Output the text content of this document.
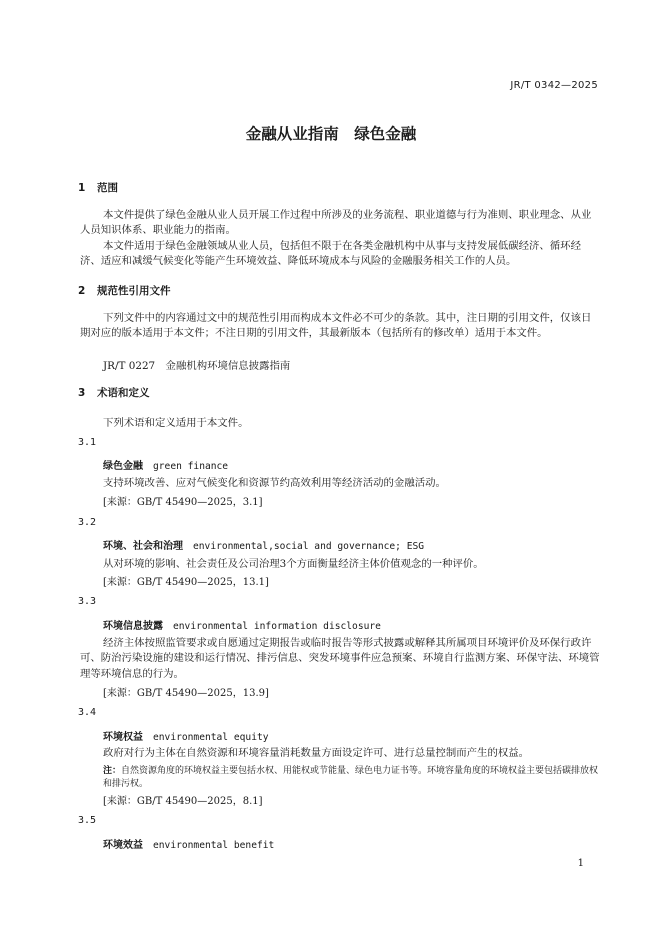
JR/T 0342—2025
金融从业指南　绿色金融
1 范围
本文件提供了绿色金融从业人员开展工作过程中所涉及的业务流程、职业道德与行为准则、职业理念、从业人员知识体系、职业能力的指南。
本文件适用于绿色金融领域从业人员，包括但不限于在各类金融机构中从事与支持发展低碳经济、循环经济、适应和减缓气候变化等能产生环境效益、降低环境成本与风险的金融服务相关工作的人员。
2 规范性引用文件
下列文件中的内容通过文中的规范性引用而构成本文件必不可少的条款。其中，注日期的引用文件，仅该日期对应的版本适用于本文件；不注日期的引用文件，其最新版本（包括所有的修改单）适用于本文件。
JR/T 0227　金融机构环境信息披露指南
3 术语和定义
下列术语和定义适用于本文件。
3.1
绿色金融 green finance
支持环境改善、应对气候变化和资源节约高效利用等经济活动的金融活动。
[来源：GB/T 45490—2025，3.1]
3.2
环境、社会和治理 environmental,social and governance; ESG
从对环境的影响、社会责任及公司治理3个方面衡量经济主体价值观念的一种评价。
[来源：GB/T 45490—2025，13.1]
3.3
环境信息披露 environmental information disclosure
经济主体按照监管要求或自愿通过定期报告或临时报告等形式披露或解释其所属项目环境评价及环保行政许可、防治污染设施的建设和运行情况、排污信息、突发环境事件应急预案、环境自行监测方案、环保守法、环境管理等环境信息的行为。
[来源：GB/T 45490—2025，13.9]
3.4
环境权益 environmental equity
政府对行为主体在自然资源和环境容量消耗数量方面设定许可、进行总量控制而产生的权益。
注：自然资源角度的环境权益主要包括水权、用能权或节能量、绿色电力证书等。环境容量角度的环境权益主要包括碳排放权和排污权。
[来源：GB/T 45490—2025，8.1]
3.5
环境效益 environmental benefit
1
